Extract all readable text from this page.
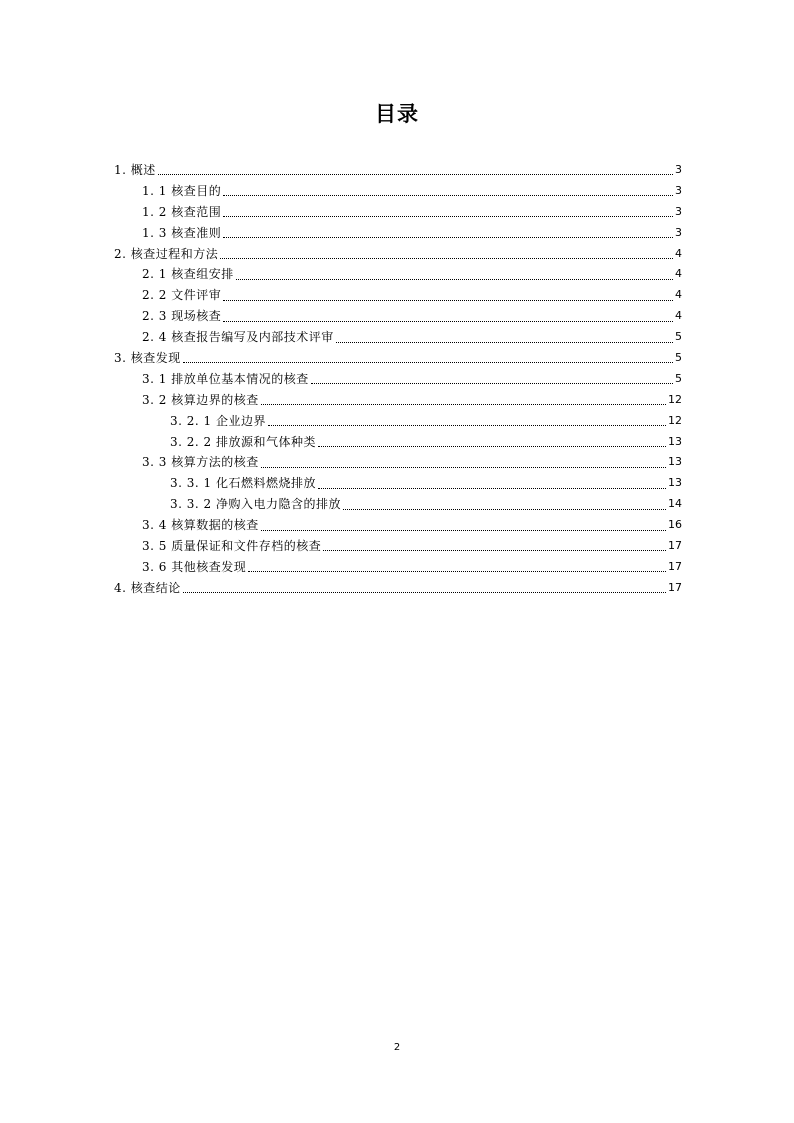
目录
1. 概述	3
1. 1 核查目的	3
1. 2 核查范围	3
1. 3 核查准则	3
2. 核查过程和方法	4
2. 1 核查组安排	4
2. 2 文件评审	4
2. 3 现场核查	4
2. 4 核查报告编写及内部技术评审	5
3. 核查发现	5
3. 1 排放单位基本情况的核查	5
3. 2 核算边界的核查	12
3. 2. 1 企业边界	12
3. 2. 2 排放源和气体种类	13
3. 3 核算方法的核查	13
3. 3. 1 化石燃料燃烧排放	13
3. 3. 2 净购入电力隐含的排放	14
3. 4 核算数据的核查	16
3. 5 质量保证和文件存档的核查	17
3. 6 其他核查发现	17
4. 核查结论	17
2
